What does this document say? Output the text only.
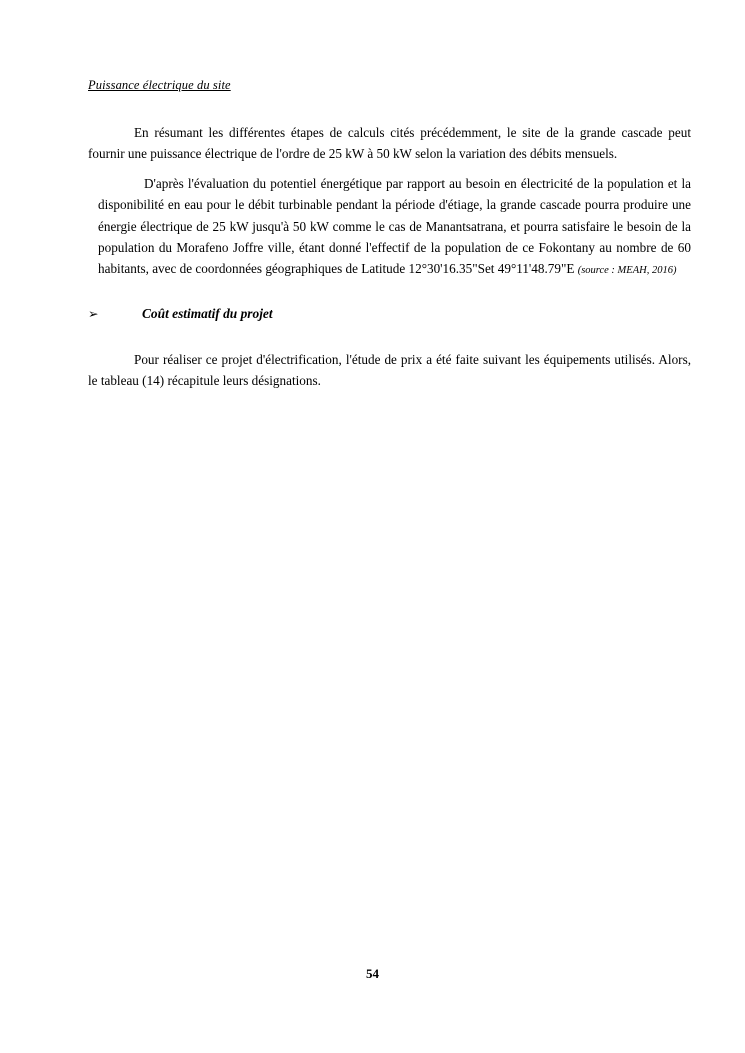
Puissance électrique du site

En résumant les différentes étapes de calculs cités précédemment, le site de la grande cascade peut fournir une puissance électrique de l'ordre de 25 kW à 50 kW selon la variation des débits mensuels.

D'après l'évaluation du potentiel énergétique par rapport au besoin en électricité de la population et la disponibilité en eau pour le débit turbinable pendant la période d'étiage, la grande cascade pourra produire une énergie électrique de 25 kW jusqu'à 50 kW comme le cas de Manantsatrana, et pourra satisfaire le besoin de la population du Morafeno Joffre ville, étant donné l'effectif de la population de ce Fokontany au nombre de 60 habitants, avec de coordonnées géographiques de Latitude 12°30'16.35"Set 49°11'48.79"E (source : MEAH, 2016)

➢	Coût estimatif du projet

Pour réaliser ce projet d'électrification, l'étude de prix a été faite suivant les équipements utilisés. Alors, le tableau (14) récapitule leurs désignations.

54
